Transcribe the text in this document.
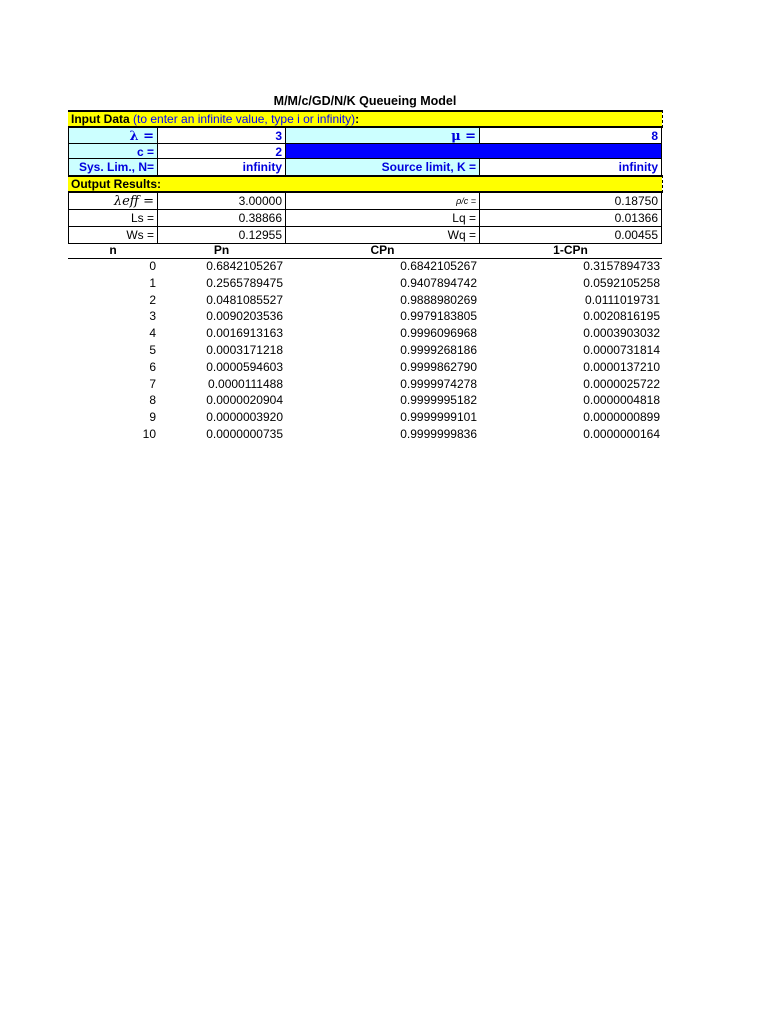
M/M/c/GD/N/K Queueing Model
Input Data (to enter an infinite value, type i or infinity):
λ =	3	μ =	8
c =	2
Sys. Lim., N=	infinity	Source limit, K =	infinity
Output Results:
λeff =	3.00000	ρ/c =	0.18750
Ls =	0.38866	Lq =	0.01366
Ws =	0.12955	Wq =	0.00455
n	Pn	CPn	1-CPn
0	0.6842105267	0.6842105267	0.3157894733
1	0.2565789475	0.9407894742	0.0592105258
2	0.0481085527	0.9888980269	0.0111019731
3	0.0090203536	0.9979183805	0.0020816195
4	0.0016913163	0.9996096968	0.0003903032
5	0.0003171218	0.9999268186	0.0000731814
6	0.0000594603	0.9999862790	0.0000137210
7	0.0000111488	0.9999974278	0.0000025722
8	0.0000020904	0.9999995182	0.0000004818
9	0.0000003920	0.9999999101	0.0000000899
10	0.0000000735	0.9999999836	0.0000000164
